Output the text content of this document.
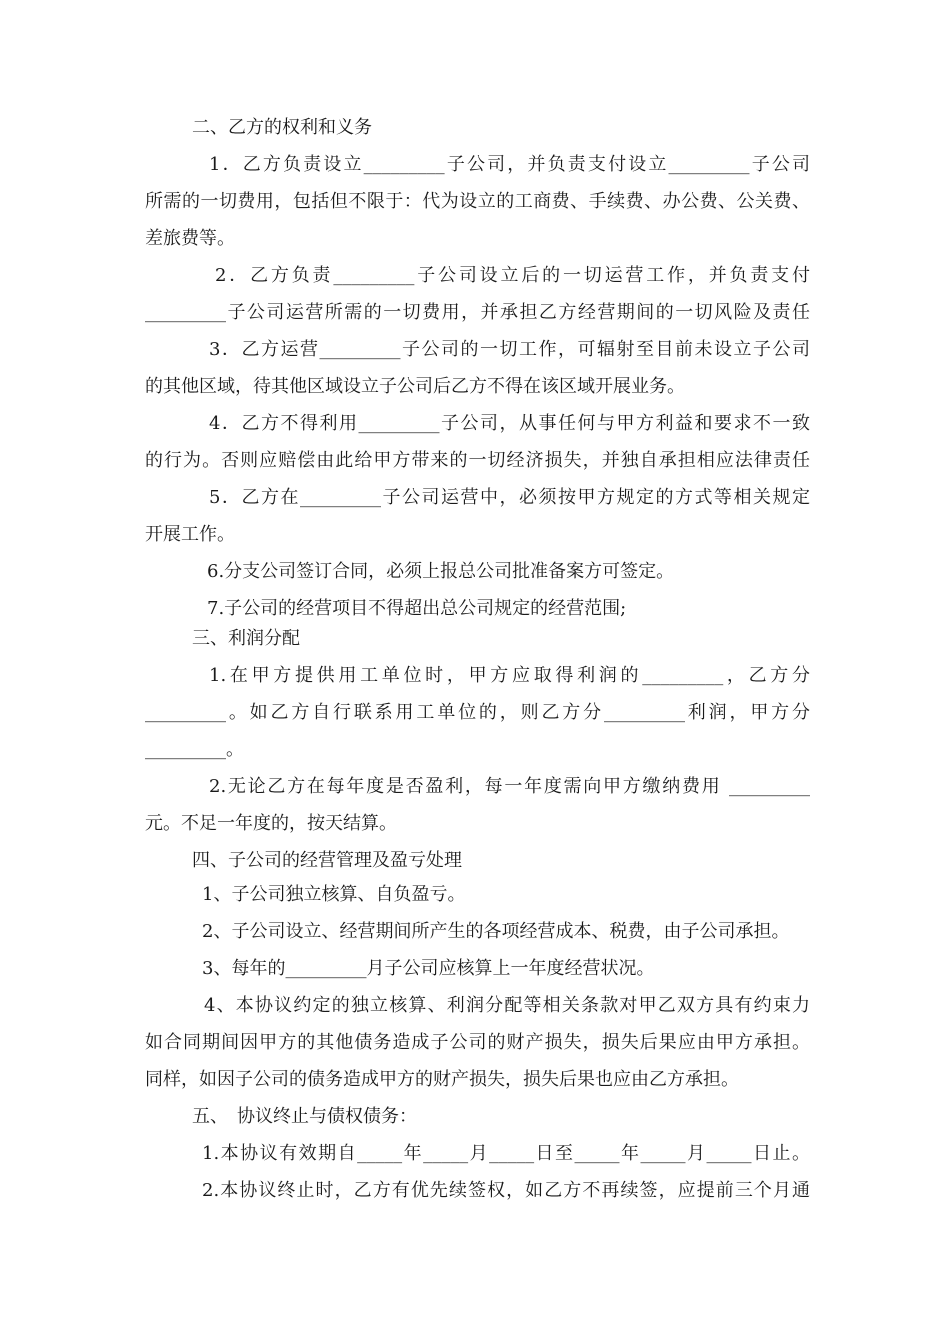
二、乙方的权利和义务
1．乙方负责设立_________子公司，并负责支付设立_________子公司
所需的一切费用，包括但不限于：代为设立的工商费、手续费、办公费、公关费、
差旅费等。
2．乙方负责_________子公司设立后的一切运营工作，并负责支付
_________子公司运营所需的一切费用，并承担乙方经营期间的一切风险及责任
3．乙方运营_________子公司的一切工作，可辐射至目前未设立子公司
的其他区域，待其他区域设立子公司后乙方不得在该区域开展业务。
4．乙方不得利用_________子公司，从事任何与甲方利益和要求不一致
的行为。否则应赔偿由此给甲方带来的一切经济损失，并独自承担相应法律责任
5．乙方在_________子公司运营中，必须按甲方规定的方式等相关规定
开展工作。
6.分支公司签订合同，必须上报总公司批准备案方可签定。
7.子公司的经营项目不得超出总公司规定的经营范围;
三、利润分配
1.在甲方提供用工单位时，甲方应取得利润的_________，乙方分
_________。如乙方自行联系用工单位的，则乙方分_________利润，甲方分
_________。
2.无论乙方在每年度是否盈利，每一年度需向甲方缴纳费用 _________
元。不足一年度的，按天结算。
四、子公司的经营管理及盈亏处理
1、子公司独立核算、自负盈亏。
2、子公司设立、经营期间所产生的各项经营成本、税费，由子公司承担。
3、每年的_________月子公司应核算上一年度经营状况。
4、本协议约定的独立核算、利润分配等相关条款对甲乙双方具有约束力
如合同期间因甲方的其他债务造成子公司的财产损失，损失后果应由甲方承担。
同样，如因子公司的债务造成甲方的财产损失，损失后果也应由乙方承担。
五、　协议终止与债权债务：
1.本协议有效期自_____年_____月_____日至_____年_____月_____日止。
2.本协议终止时，乙方有优先续签权，如乙方不再续签，应提前三个月通
